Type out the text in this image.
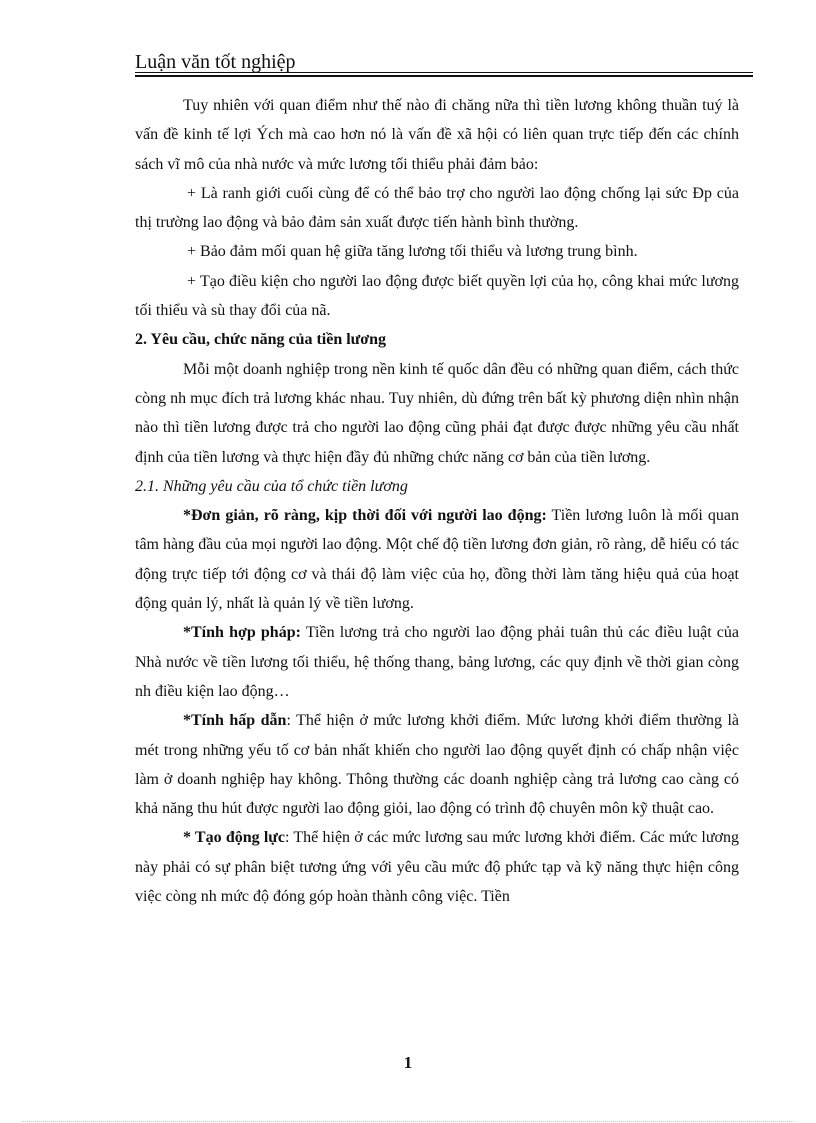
Luận văn tốt nghiệp

Tuy nhiên với quan điểm như thế nào đi chăng nữa thì tiền lương không thuần tuý là vấn đề kinh tế lợi Ých mà cao hơn nó là vấn đề xã hội có liên quan trực tiếp đến các chính sách vĩ mô của nhà nước và mức lương tối thiểu phải đảm bảo:

+ Là ranh giới cuối cùng để có thể bảo trợ cho người lao động chống lại sức Ðp của thị trường lao động và bảo đảm sản xuất được tiến hành bình thường.

+ Bảo đảm mối quan hệ giữa tăng lương tối thiểu và lương trung bình.

+ Tạo điều kiện cho người lao động được biết quyền lợi của họ, công khai mức lương tối thiểu và sù thay đổi của nã.

2. Yêu cầu, chức năng của tiền lương

Mỗi một doanh nghiệp trong nền kinh tế quốc dân đều có những quan điểm, cách thức còng nh mục đích trả lương khác nhau. Tuy nhiên, dù đứng trên bất kỳ phương diện nhìn nhận nào thì tiền lương được trả cho người lao động cũng phải đạt được được những yêu cầu nhất định của tiền lương và thực hiện đầy đủ những chức năng cơ bản của tiền lương.

2.1. Những yêu cầu của tổ chức tiền lương

*Đơn giản, rõ ràng, kịp thời đối với người lao động: Tiền lương luôn là mối quan tâm hàng đầu của mọi người lao động. Một chế độ tiền lương đơn giản, rõ ràng, dễ hiểu có tác động trực tiếp tới động cơ và thái độ làm việc của họ, đồng thời làm tăng hiệu quả của hoạt động quản lý, nhất là quản lý về tiền lương.

*Tính hợp pháp: Tiền lương trả cho người lao động phải tuân thủ các điều luật của Nhà nước về tiền lương tối thiểu, hệ thống thang, bảng lương, các quy định về thời gian còng nh điều kiện lao động…

*Tính hấp dẫn: Thể hiện ở mức lương khởi điểm. Mức lương khởi điểm thường là mét trong những yếu tố cơ bản nhất khiến cho người lao động quyết định có chấp nhận việc làm ở doanh nghiệp hay không. Thông thường các doanh nghiệp càng trả lương cao càng có khả năng thu hút được người lao động giỏi, lao động có trình độ chuyên môn kỹ thuật cao.

* Tạo động lực: Thể hiện ở các mức lương sau mức lương khởi điểm. Các mức lương này phải có sự phân biệt tương ứng với yêu cầu mức độ phức tạp và kỹ năng thực hiện công việc còng nh mức độ đóng góp hoàn thành công việc. Tiền

1
